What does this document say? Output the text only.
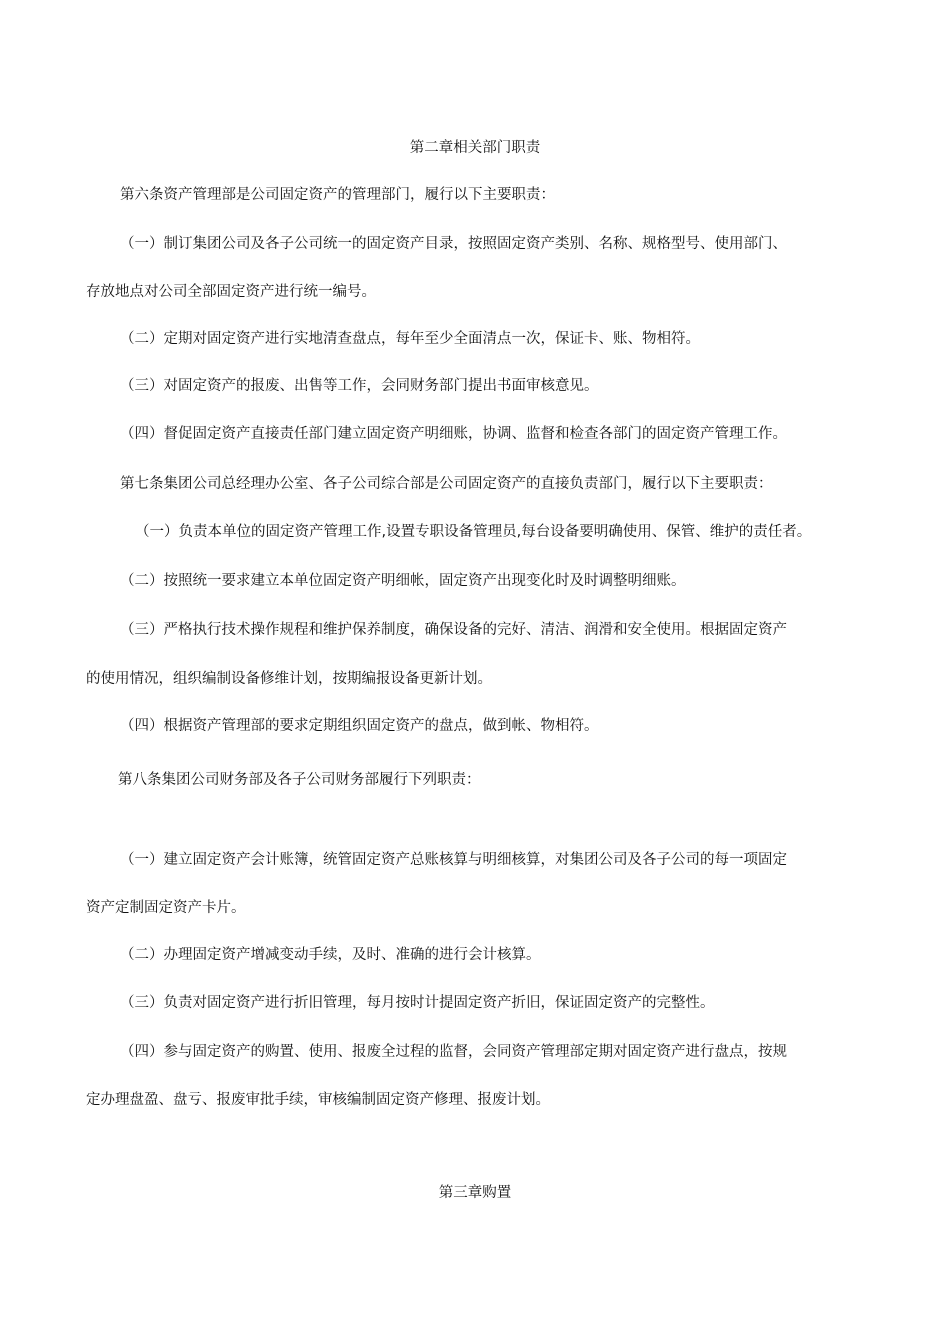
第二章相关部门职责
第六条资产管理部是公司固定资产的管理部门，履行以下主要职责：
（一）制订集团公司及各子公司统一的固定资产目录，按照固定资产类别、名称、规格型号、使用部门、
存放地点对公司全部固定资产进行统一编号。
（二）定期对固定资产进行实地清查盘点，每年至少全面清点一次，保证卡、账、物相符。
（三）对固定资产的报废、出售等工作，会同财务部门提出书面审核意见。
（四）督促固定资产直接责任部门建立固定资产明细账，协调、监督和检查各部门的固定资产管理工作。
第七条集团公司总经理办公室、各子公司综合部是公司固定资产的直接负责部门，履行以下主要职责：
（一）负责本单位的固定资产管理工作,设置专职设备管理员,每台设备要明确使用、保管、维护的责任者。
（二）按照统一要求建立本单位固定资产明细帐，固定资产出现变化时及时调整明细账。
（三）严格执行技术操作规程和维护保养制度，确保设备的完好、清洁、润滑和安全使用。根据固定资产
的使用情况，组织编制设备修维计划，按期编报设备更新计划。
（四）根据资产管理部的要求定期组织固定资产的盘点，做到帐、物相符。
第八条集团公司财务部及各子公司财务部履行下列职责：
（一）建立固定资产会计账簿，统管固定资产总账核算与明细核算，对集团公司及各子公司的每一项固定
资产定制固定资产卡片。
（二）办理固定资产增减变动手续，及时、准确的进行会计核算。
（三）负责对固定资产进行折旧管理，每月按时计提固定资产折旧，保证固定资产的完整性。
（四）参与固定资产的购置、使用、报废全过程的监督，会同资产管理部定期对固定资产进行盘点，按规
定办理盘盈、盘亏、报废审批手续，审核编制固定资产修理、报废计划。
第三章购置
